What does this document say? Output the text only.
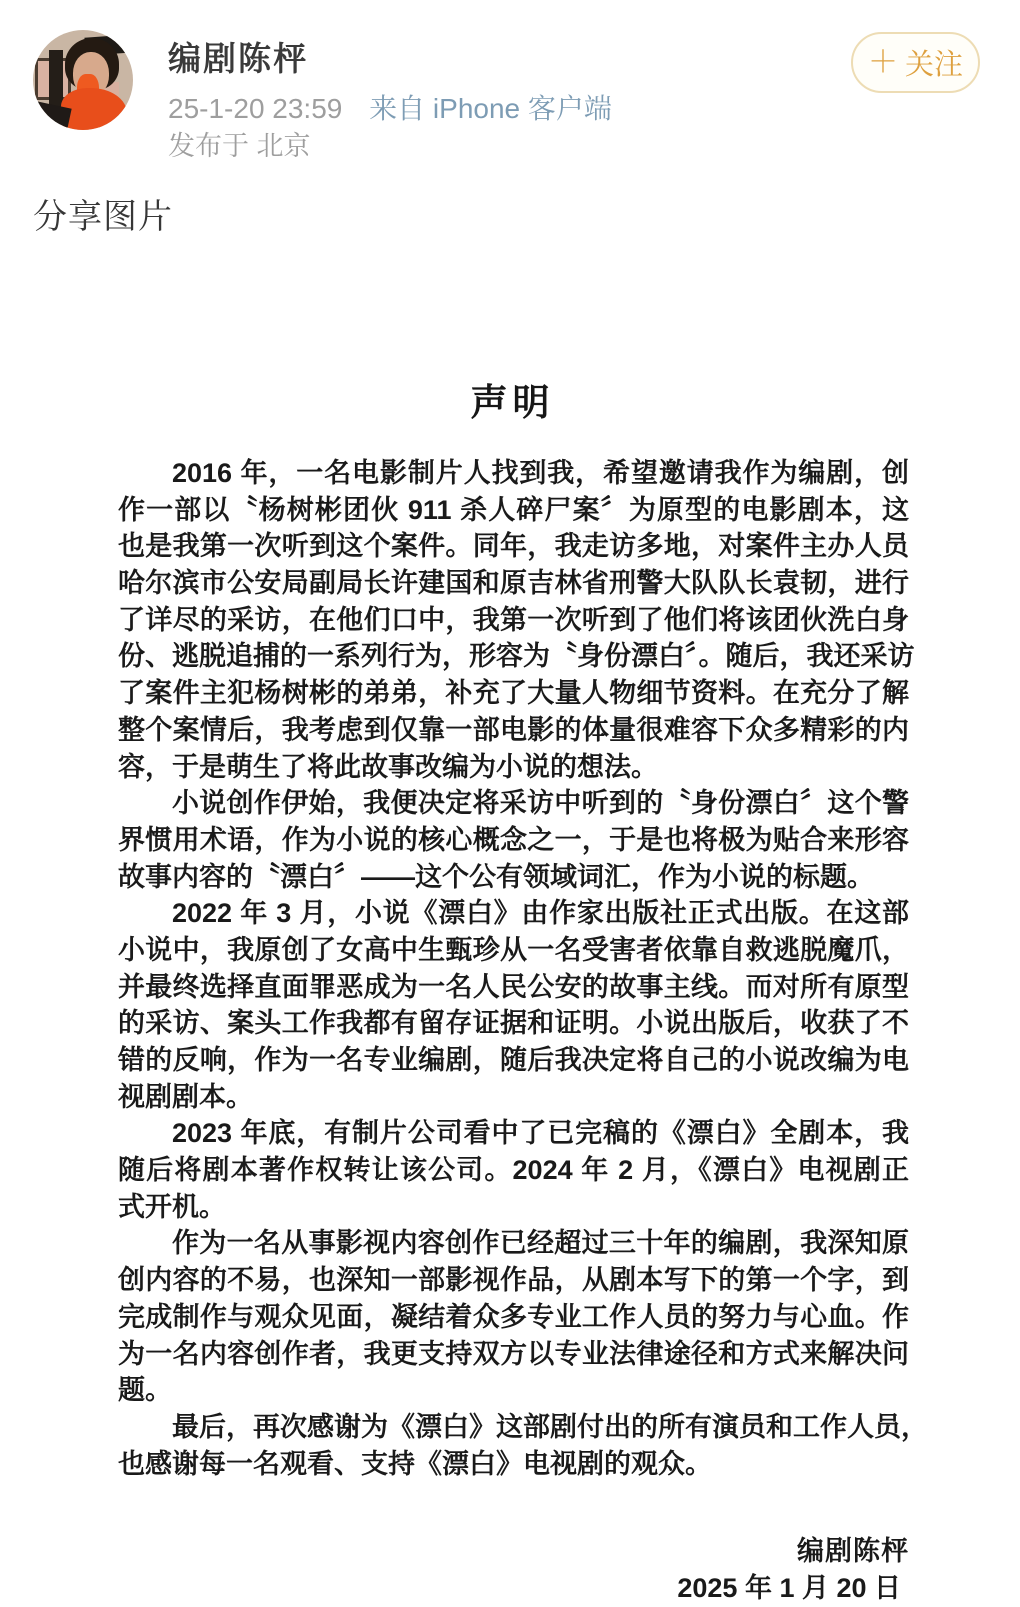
编剧陈枰
25-1-20 23:59 来自 iPhone 客户端
发布于 北京
＋ 关注
分享图片
声明
2016 年，一名电影制片人找到我，希望邀请我作为编剧，创
作一部以〝杨树彬团伙 911 杀人碎尸案〞为原型的电影剧本，这
也是我第一次听到这个案件。同年，我走访多地，对案件主办人员
哈尔滨市公安局副局长许建国和原吉林省刑警大队队长袁韧，进行
了详尽的采访，在他们口中，我第一次听到了他们将该团伙洗白身
份、逃脱追捕的一系列行为，形容为〝身份漂白〞。随后，我还采访
了案件主犯杨树彬的弟弟，补充了大量人物细节资料。在充分了解
整个案情后，我考虑到仅靠一部电影的体量很难容下众多精彩的内
容，于是萌生了将此故事改编为小说的想法。
小说创作伊始，我便决定将采访中听到的〝身份漂白〞这个警
界惯用术语，作为小说的核心概念之一，于是也将极为贴合来形容
故事内容的〝漂白〞——这个公有领域词汇，作为小说的标题。
2022 年 3 月，小说《漂白》由作家出版社正式出版。在这部
小说中，我原创了女高中生甄珍从一名受害者依靠自救逃脱魔爪，
并最终选择直面罪恶成为一名人民公安的故事主线。而对所有原型
的采访、案头工作我都有留存证据和证明。小说出版后，收获了不
错的反响，作为一名专业编剧，随后我决定将自己的小说改编为电
视剧剧本。
2023 年底，有制片公司看中了已完稿的《漂白》全剧本，我
随后将剧本著作权转让该公司。2024 年 2 月，《漂白》电视剧正
式开机。
作为一名从事影视内容创作已经超过三十年的编剧，我深知原
创内容的不易，也深知一部影视作品，从剧本写下的第一个字，到
完成制作与观众见面，凝结着众多专业工作人员的努力与心血。作
为一名内容创作者，我更支持双方以专业法律途径和方式来解决问
题。
最后，再次感谢为《漂白》这部剧付出的所有演员和工作人员，
也感谢每一名观看、支持《漂白》电视剧的观众。
编剧陈枰
2025 年 1 月 20 日
